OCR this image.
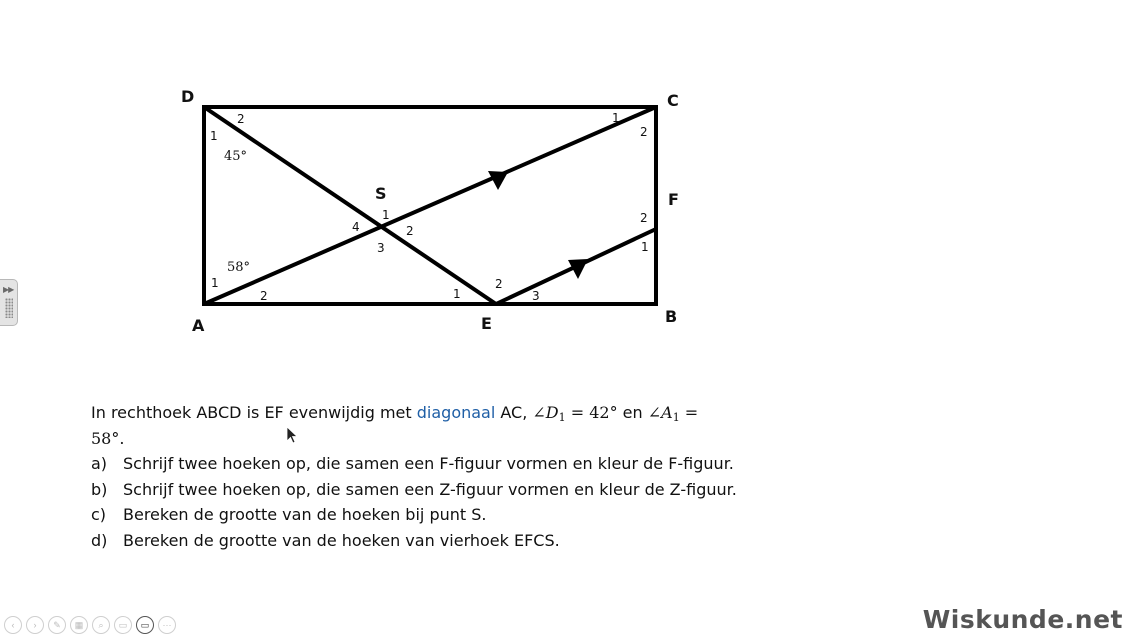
D	C
F
S
A	E	B
1
2	1
2
2
1
1
2
3
4
1
2	1
2
3
45°
58°
In rechthoek ABCD is EF evenwijdig met diagonaal AC, $\angle D_1 = 42^\circ$ en $\angle A_1$ =
58°.
a) Schrijf twee hoeken op, die samen een F-figuur vormen en kleur de F-figuur.
b) Schrijf twee hoeken op, die samen een Z-figuur vormen en kleur de Z-figuur.
c)	Bereken de grootte van de hoeken bij punt S.
d) Bereken de grootte van de hoeken van vierhoek EFCS.
▶▶
‹	›	✎	▦	⌕	▭	▭	···	Wiskunde.net
